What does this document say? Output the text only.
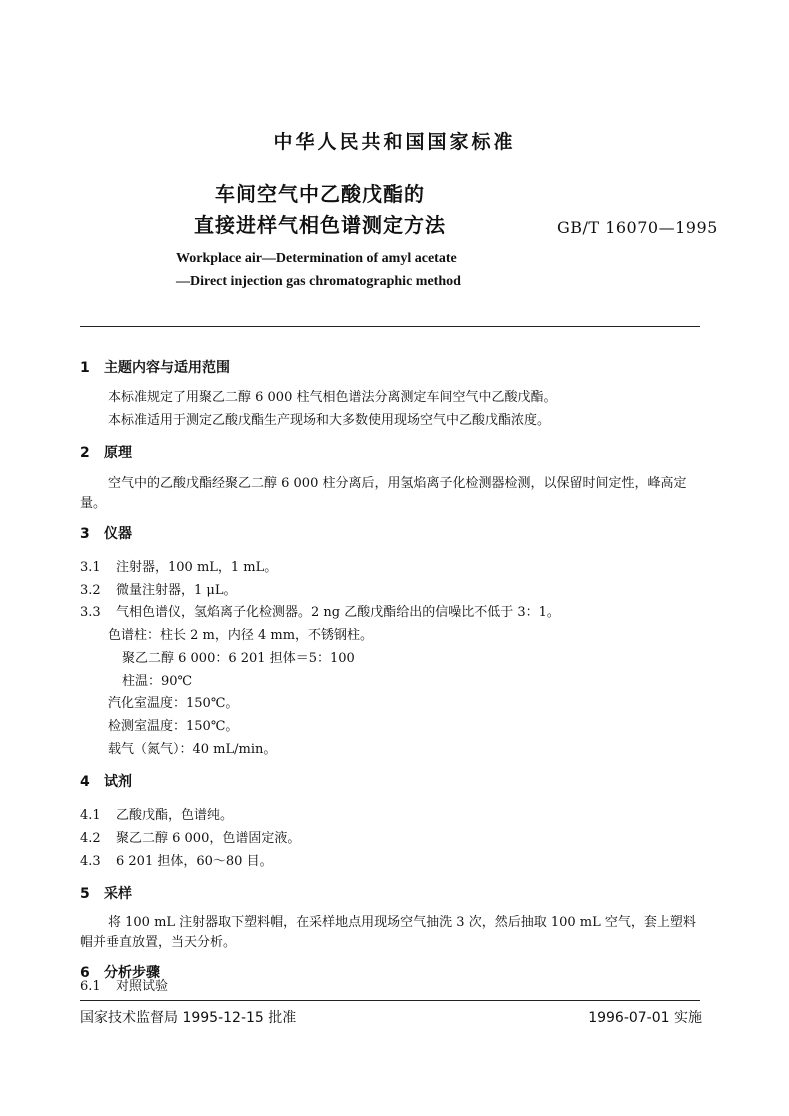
中华人民共和国国家标准
车间空气中乙酸戊酯的
直接进样气相色谱测定方法	GB/T 16070—1995
Workplace air—Determination of amyl acetate
—Direct injection gas chromatographic method
1 主题内容与适用范围
本标准规定了用聚乙二醇 6 000 柱气相色谱法分离测定车间空气中乙酸戊酯。
本标准适用于测定乙酸戊酯生产现场和大多数使用现场空气中乙酸戊酯浓度。
2 原理
空气中的乙酸戊酯经聚乙二醇 6 000 柱分离后，用氢焰离子化检测器检测，以保留时间定性，峰高定量。
3 仪器
3.1 注射器，100 mL，1 mL。
3.2 微量注射器，1 μL。
3.3 气相色谱仪，氢焰离子化检测器。2 ng 乙酸戊酯给出的信噪比不低于 3：1。
色谱柱：柱长 2 m，内径 4 mm，不锈钢柱。
聚乙二醇 6 000：6 201 担体＝5：100
柱温：90℃
汽化室温度：150℃。
检测室温度：150℃。
载气（氮气）：40 mL/min。
4 试剂
4.1 乙酸戊酯，色谱纯。
4.2 聚乙二醇 6 000，色谱固定液。
4.3 6 201 担体，60～80 目。
5 采样
将 100 mL 注射器取下塑料帽，在采样地点用现场空气抽洗 3 次，然后抽取 100 mL 空气，套上塑料帽并垂直放置，当天分析。
6 分析步骤
6.1 对照试验
国家技术监督局 1995-12-15 批准	1996-07-01 实施
